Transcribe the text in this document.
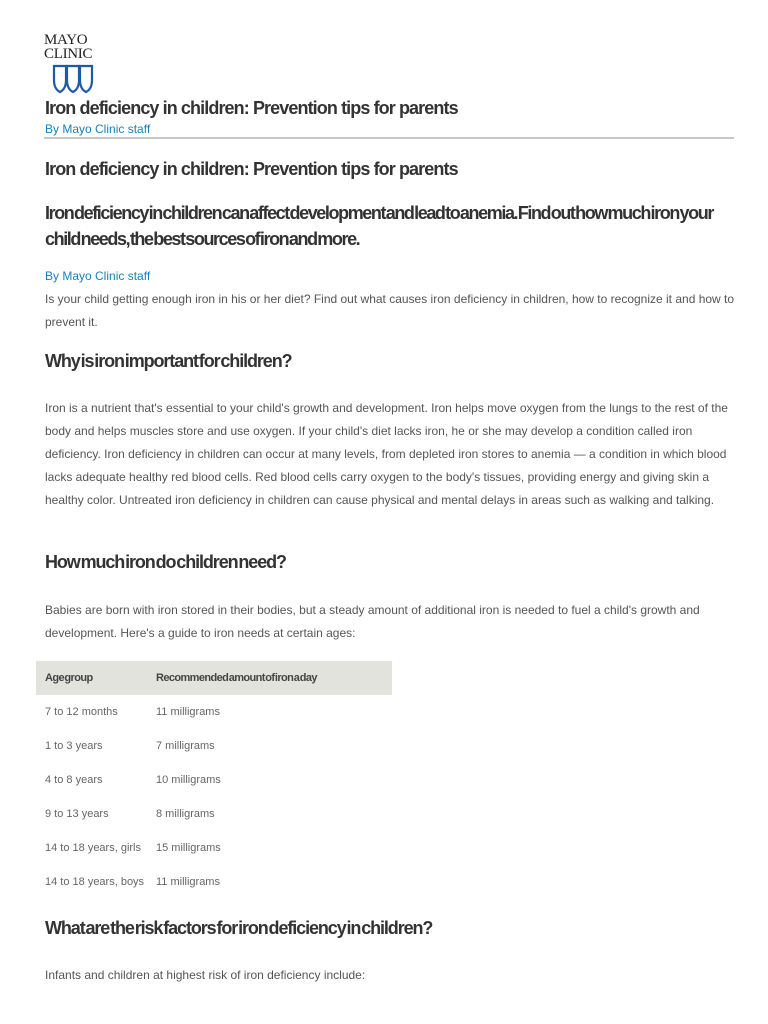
MAYO
CLINIC
Iron deficiency in children: Prevention tips for parents
By Mayo Clinic staff
Iron deficiency in children: Prevention tips for parents
Iron deficiency in children can affect development and lead to anemia. Find out how much iron your child needs, the best sources of iron and more.
By Mayo Clinic staff
Is your child getting enough iron in his or her diet? Find out what causes iron deficiency in children, how to recognize it and how to prevent it.
Why is iron important for children?
Iron is a nutrient that's essential to your child's growth and development. Iron helps move oxygen from the lungs to the rest of the body and helps muscles store and use oxygen. If your child's diet lacks iron, he or she may develop a condition called iron deficiency. Iron deficiency in children can occur at many levels, from depleted iron stores to anemia — a condition in which blood lacks adequate healthy red blood cells. Red blood cells carry oxygen to the body's tissues, providing energy and giving skin a healthy color. Untreated iron deficiency in children can cause physical and mental delays in areas such as walking and talking.
How much iron do children need?
Babies are born with iron stored in their bodies, but a steady amount of additional iron is needed to fuel a child's growth and development. Here's a guide to iron needs at certain ages:
Age group	Recommended amount of iron a day
7 to 12 months	11 milligrams
1 to 3 years	7 milligrams
4 to 8 years	10 milligrams
9 to 13 years	8 milligrams
14 to 18 years, girls	15 milligrams
14 to 18 years, boys	11 milligrams
What are the risk factors for iron deficiency in children?
Infants and children at highest risk of iron deficiency include:
